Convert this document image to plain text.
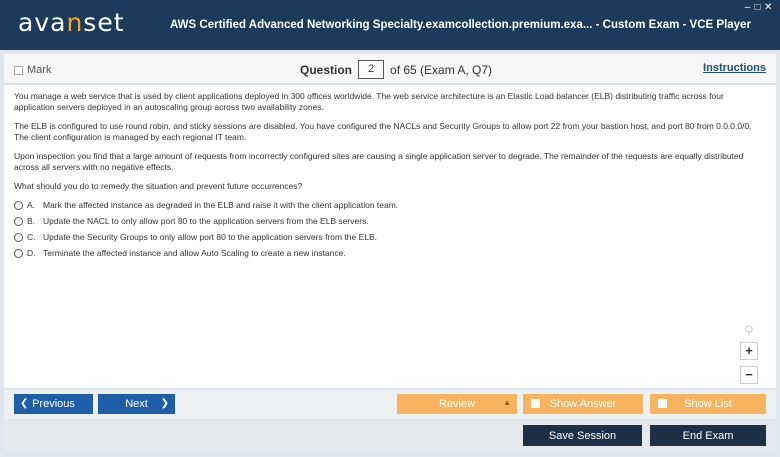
avanset	AWS Certified Advanced Networking Specialty.examcollection.premium.exa... - Custom Exam - VCE Player
‒□✕
Mark	Question	2	of 65 (Exam A, Q7)	Instructions

You manage a web service that is used by client applications deployed in 300 offices worldwide. The web service architecture is an Elastic Load balancer (ELB) distributing traffic across four application servers deployed in an autoscaling group across two availability zones.

The ELB is configured to use round robin, and sticky sessions are disabled. You have configured the NACLs and Security Groups to allow port 22 from your bastion host, and port 80 from 0.0.0.0/0. The client configuration is managed by each regional IT team.

Upon inspection you find that a large amount of requests from incorrectly configured sites are causing a single application server to degrade. The remainder of the requests are equally distributed across all servers with no negative effects.

What should you do to remedy the situation and prevent future occurrences?

A. Mark the affected instance as degraded in the ELB and raise it with the client application team.
B. Update the NACL to only allow port 80 to the application servers from the ELB servers.
C. Update the Security Groups to only allow port 80 to the application servers from the ELB.
D. Terminate the affected instance and allow Auto Scaling to create a new instance.
⚲
+
−
❮ Previous	Next ❯	Review	▲	Show Answer	Show List
Save Session	End Exam
